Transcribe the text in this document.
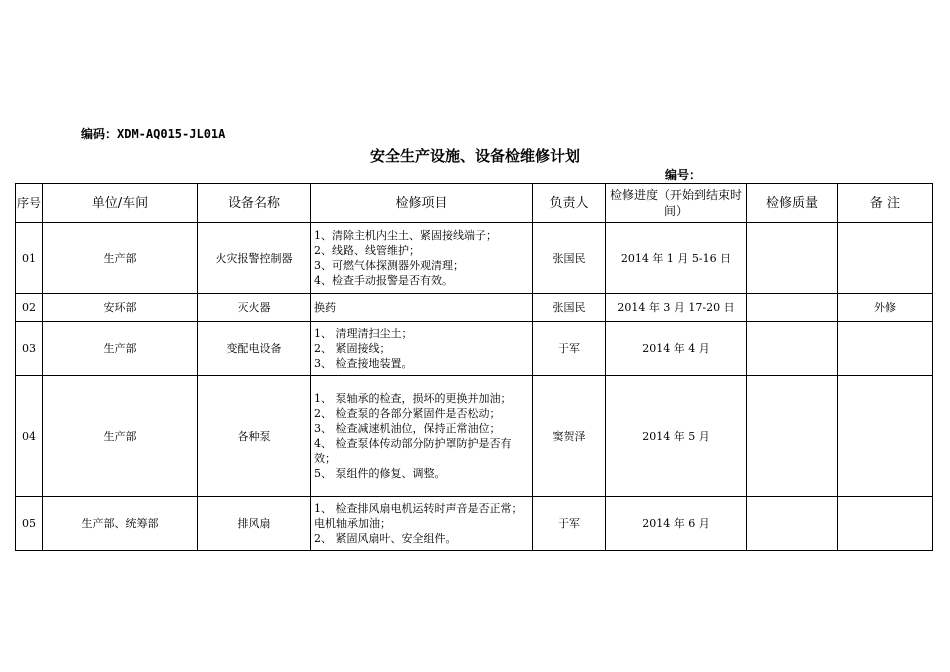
编码：XDM-AQ015-JL01A
安全生产设施、设备检维修计划
编号：
序号	单位/车间	设备名称	检修项目	负责人	检修进度（开始到结束时间）	检修质量	备 注
01	生产部	火灾报警控制器	1、清除主机内尘土、紧固接线端子；
2、线路、线管维护；
3、可燃气体探测器外观清理；
4、检查手动报警是否有效。	张国民	2014 年 1 月 5-16 日		
02	安环部	灭火器	换药	张国民	2014 年 3 月 17-20 日		外修
03	生产部	变配电设备	1、 清理清扫尘土；
2、 紧固接线；
3、 检查接地装置。	于军	2014 年 4 月		
04	生产部	各种泵	1、 泵轴承的检查，损坏的更换并加油；
2、 检查泵的各部分紧固件是否松动；
3、 检查减速机油位，保持正常油位；
4、 检查泵体传动部分防护罩防护是否有效；
5、 泵组件的修复、调整。	窦贺泽	2014 年 5 月		
05	生产部、统筹部	排风扇	1、 检查排风扇电机运转时声音是否正常；电机轴承加油；
2、 紧固风扇叶、安全组件。	于军	2014 年 6 月		
